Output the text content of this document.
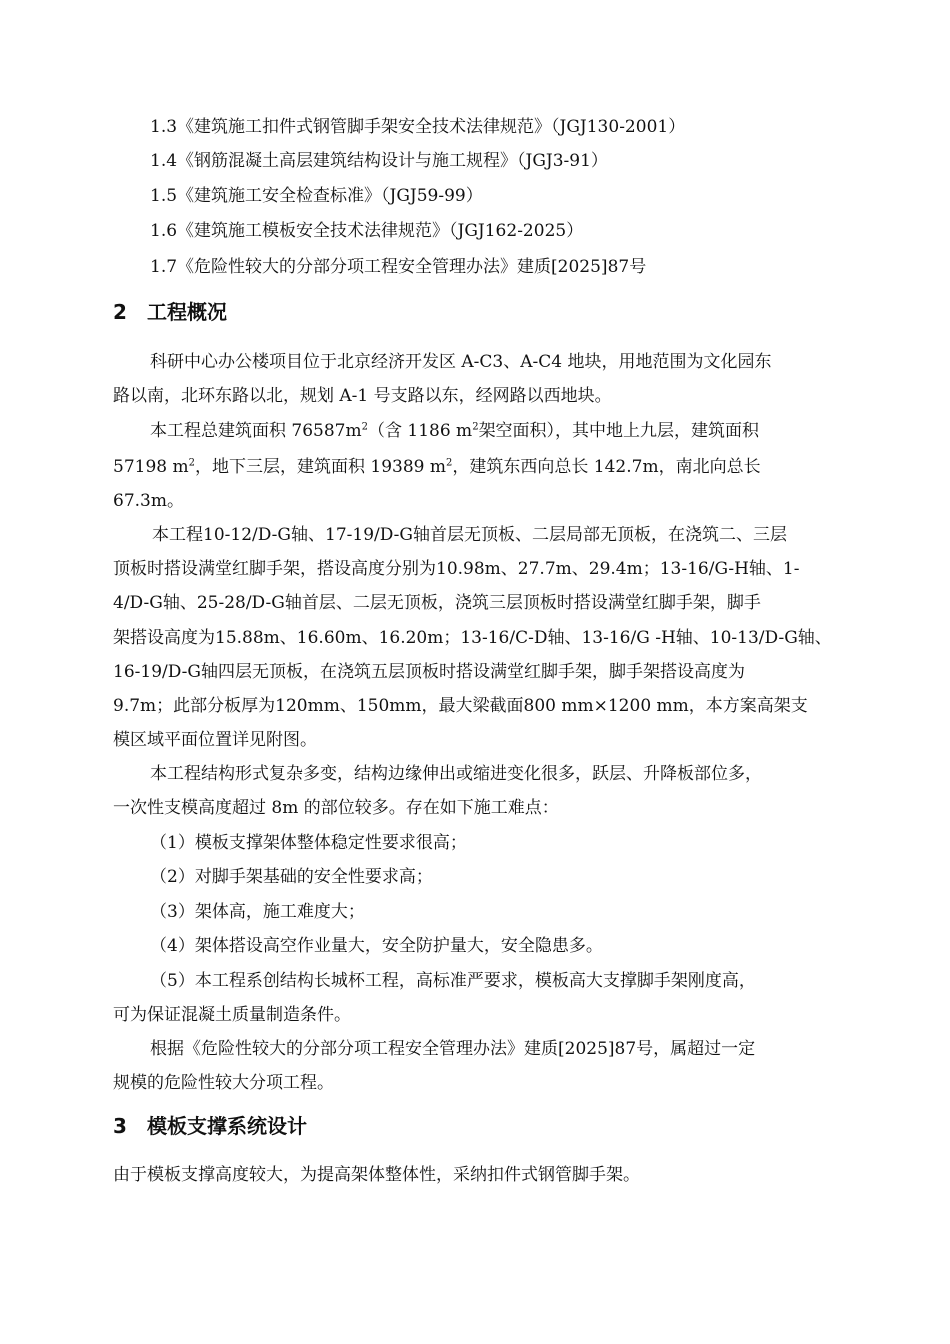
1.3《建筑施工扣件式钢管脚手架安全技术法律规范》（JGJ130-2001）
1.4《钢筋混凝土高层建筑结构设计与施工规程》（JGJ3-91）
1.5《建筑施工安全检查标准》（JGJ59-99）
1.6《建筑施工模板安全技术法律规范》（JGJ162-2025）
1.7《危险性较大的分部分项工程安全管理办法》建质[2025]87号
2 工程概况
科研中心办公楼项目位于北京经济开发区 A-C3、A-C4 地块，用地范围为文化园东
路以南，北环东路以北，规划 A-1 号支路以东，经网路以西地块。
本工程总建筑面积 $76587m^2$（含 1186 $m^2$架空面积），其中地上九层，建筑面积
57198 $m^2$，地下三层，建筑面积 19389 $m^2$，建筑东西向总长 142.7m，南北向总长
67.3m。
本工程10-12/D-G轴、17-19/D-G轴首层无顶板、二层局部无顶板，在浇筑二、三层
顶板时搭设满堂红脚手架，搭设高度分别为10.98m、27.7m、29.4m；13-16/G-H轴、1-
4/D-G轴、25-28/D-G轴首层、二层无顶板，浇筑三层顶板时搭设满堂红脚手架，脚手
架搭设高度为15.88m、16.60m、16.20m；13-16/C-D轴、13-16/G -H轴、10-13/D-G轴、
16-19/D-G轴四层无顶板，在浇筑五层顶板时搭设满堂红脚手架，脚手架搭设高度为
9.7m；此部分板厚为120mm、150mm，最大梁截面800 mm×1200 mm，本方案高架支
模区域平面位置详见附图。
本工程结构形式复杂多变，结构边缘伸出或缩进变化很多，跃层、升降板部位多，
一次性支模高度超过 8m 的部位较多。存在如下施工难点：
（1）模板支撑架体整体稳定性要求很高；
（2）对脚手架基础的安全性要求高；
（3）架体高，施工难度大；
（4）架体搭设高空作业量大，安全防护量大，安全隐患多。
（5）本工程系创结构长城杯工程，高标准严要求，模板高大支撑脚手架刚度高，
可为保证混凝土质量制造条件。
根据《危险性较大的分部分项工程安全管理办法》建质[2025]87号，属超过一定
规模的危险性较大分项工程。
3 模板支撑系统设计
由于模板支撑高度较大，为提高架体整体性，采纳扣件式钢管脚手架。
